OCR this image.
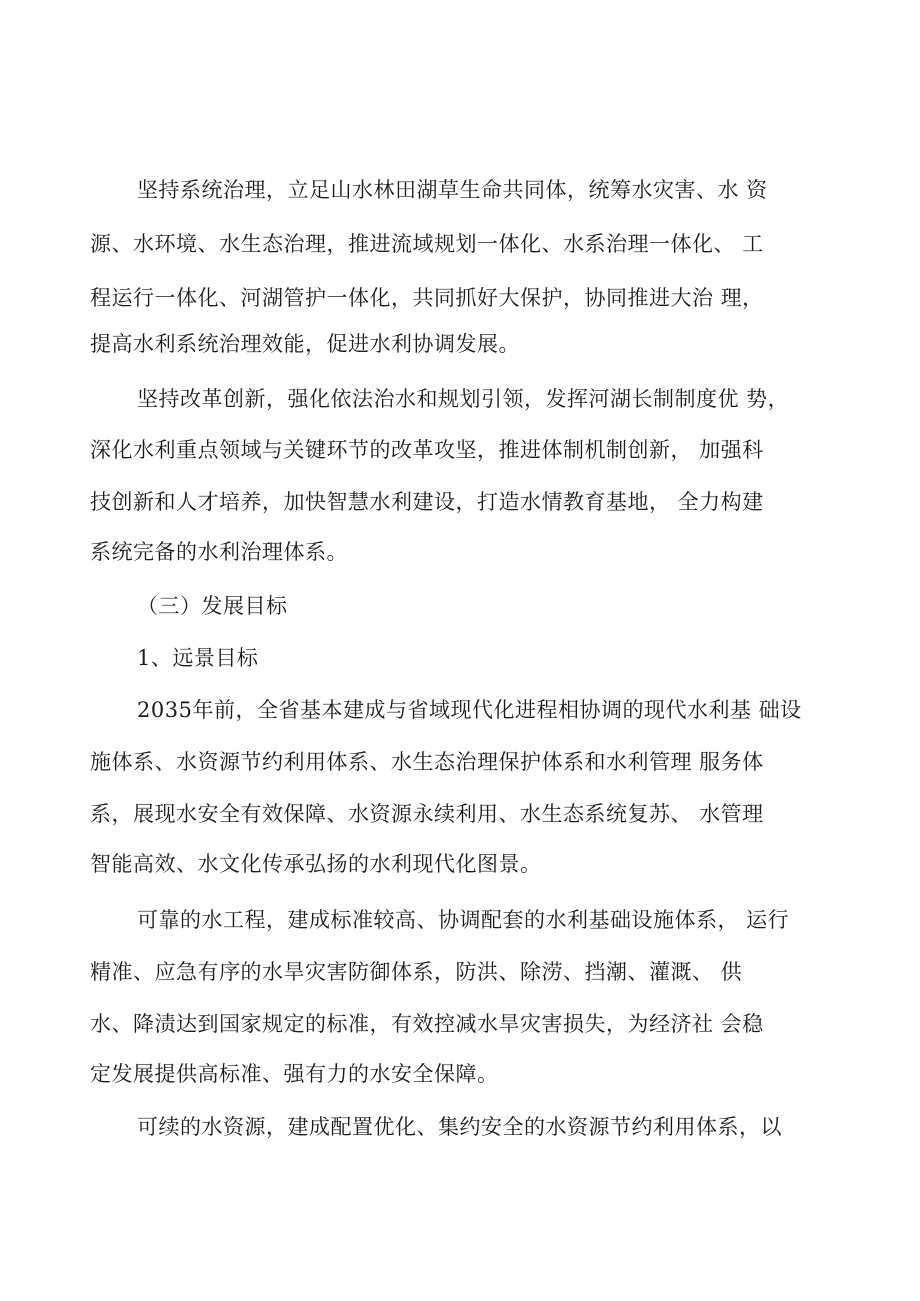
坚持系统治理，立足山水林田湖草生命共同体，统筹水灾害、水 资
源、水环境、水生态治理，推进流域规划一体化、水系治理一体化、 工
程运行一体化、河湖管护一体化，共同抓好大保护，协同推进大治 理，
提高水利系统治理效能，促进水利协调发展。
坚持改革创新，强化依法治水和规划引领，发挥河湖长制制度优 势，
深化水利重点领域与关键环节的改革攻坚，推进体制机制创新， 加强科
技创新和人才培养，加快智慧水利建设，打造水情教育基地， 全力构建
系统完备的水利治理体系。
（三）发展目标
1、远景目标
2035年前，全省基本建成与省域现代化进程相协调的现代水利基 础设
施体系、水资源节约利用体系、水生态治理保护体系和水利管理 服务体
系，展现水安全有效保障、水资源永续利用、水生态系统复苏、 水管理
智能高效、水文化传承弘扬的水利现代化图景。
可靠的水工程，建成标准较高、协调配套的水利基础设施体系， 运行
精准、应急有序的水旱灾害防御体系，防洪、除涝、挡潮、灌溉、 供
水、降渍达到国家规定的标准，有效控减水旱灾害损失，为经济社 会稳
定发展提供高标准、强有力的水安全保障。
可续的水资源，建成配置优化、集约安全的水资源节约利用体系，以
